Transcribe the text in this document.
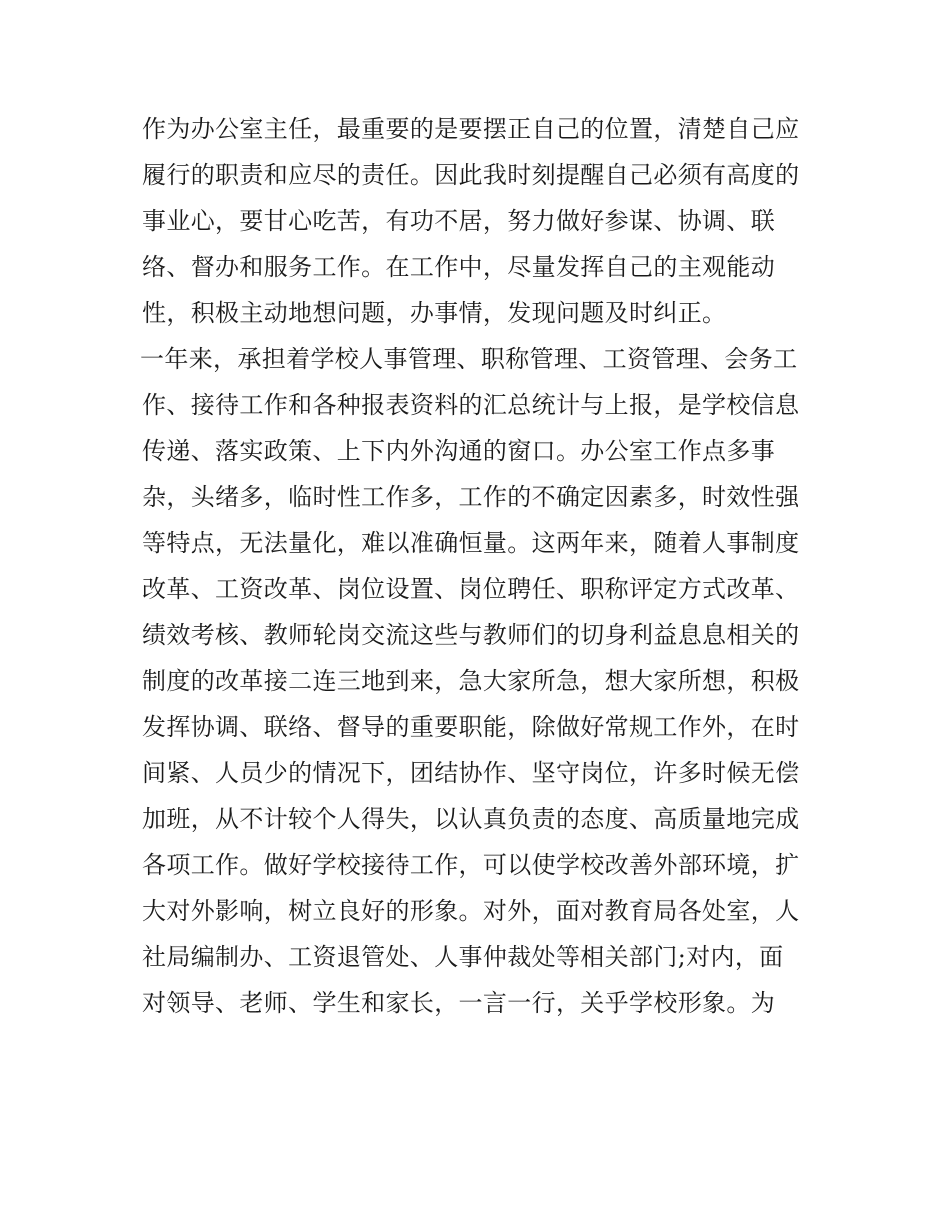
作为办公室主任，最重要的是要摆正自己的位置，清楚自己应
履行的职责和应尽的责任。因此我时刻提醒自己必须有高度的
事业心，要甘心吃苦，有功不居，努力做好参谋、协调、联
络、督办和服务工作。在工作中，尽量发挥自己的主观能动
性，积极主动地想问题，办事情，发现问题及时纠正。
一年来，承担着学校人事管理、职称管理、工资管理、会务工
作、接待工作和各种报表资料的汇总统计与上报，是学校信息
传递、落实政策、上下内外沟通的窗口。办公室工作点多事
杂，头绪多，临时性工作多，工作的不确定因素多，时效性强
等特点，无法量化，难以准确恒量。这两年来，随着人事制度
改革、工资改革、岗位设置、岗位聘任、职称评定方式改革、
绩效考核、教师轮岗交流这些与教师们的切身利益息息相关的
制度的改革接二连三地到来，急大家所急，想大家所想，积极
发挥协调、联络、督导的重要职能，除做好常规工作外，在时
间紧、人员少的情况下，团结协作、坚守岗位，许多时候无偿
加班，从不计较个人得失，以认真负责的态度、高质量地完成
各项工作。做好学校接待工作，可以使学校改善外部环境，扩
大对外影响，树立良好的形象。对外，面对教育局各处室，人
社局编制办、工资退管处、人事仲裁处等相关部门;对内，面
对领导、老师、学生和家长，一言一行，关乎学校形象。为
